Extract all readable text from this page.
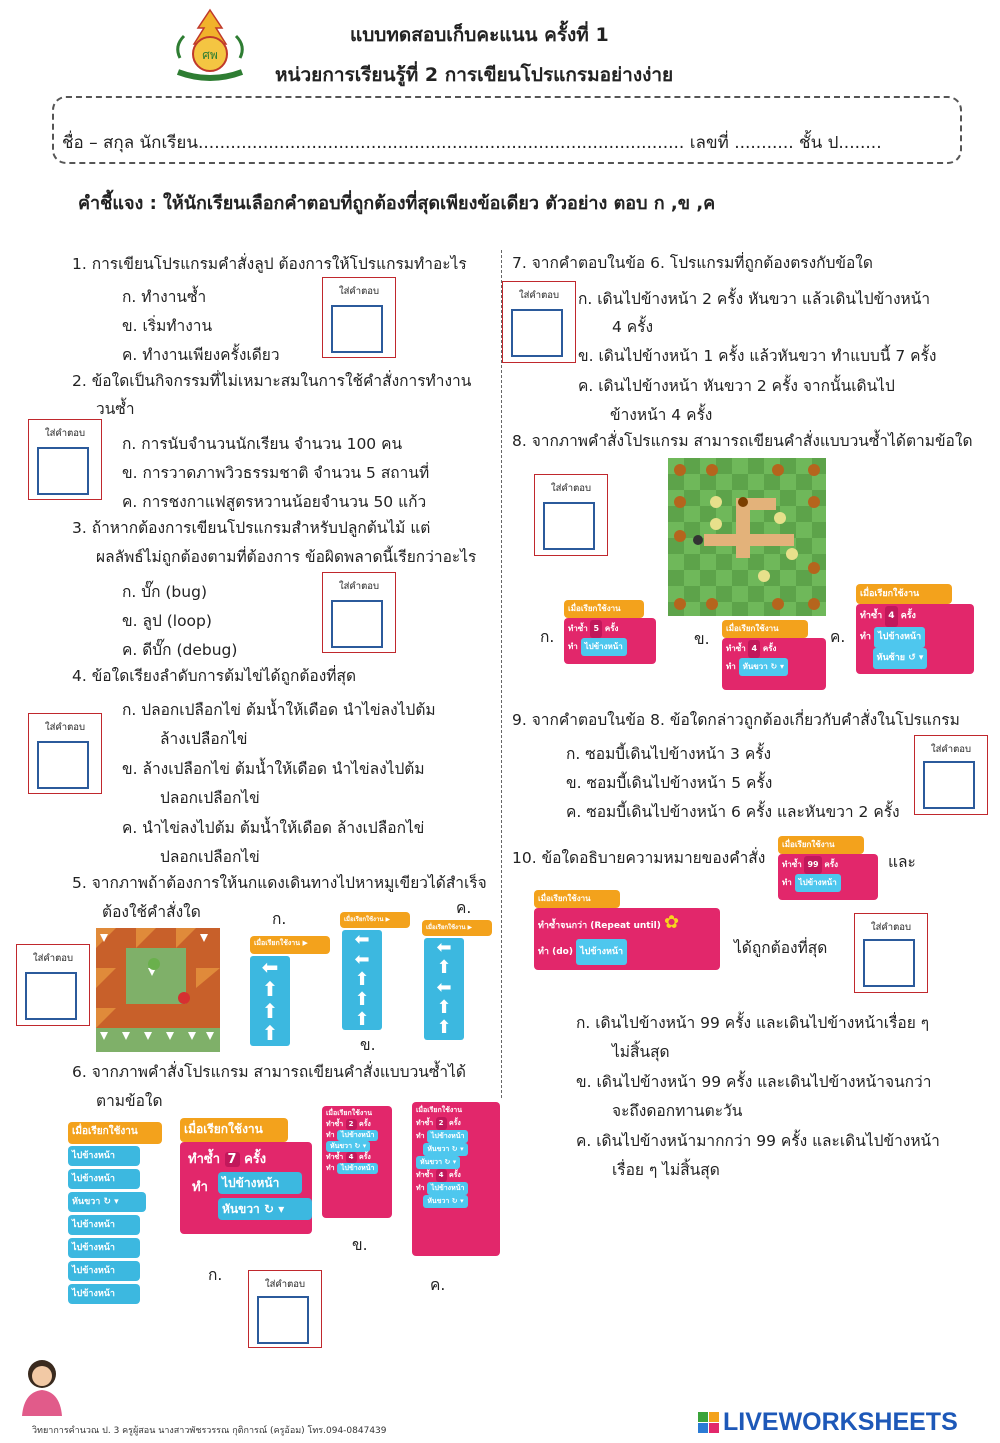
ศพ
แบบทดสอบเก็บคะแนน ครั้งที่ 1
หน่วยการเรียนรู้ที่ 2 การเขียนโปรแกรมอย่างง่าย
ชื่อ – สกุล นักเรียน.......................................................................................... เลขที่ ........... ชั้น ป........
คำชี้แจง : ให้นักเรียนเลือกคำตอบที่ถูกต้องที่สุดเพียงข้อเดียว ตัวอย่าง ตอบ ก ,ข ,ค
1. การเขียนโปรแกรมคำสั่งลูป ต้องการให้โปรแกรมทำอะไร
ก. ทำงานซ้ำ
ข. เริ่มทำงาน
ค. ทำงานเพียงครั้งเดียว
ใส่คำตอบ
2. ข้อใดเป็นกิจกรรมที่ไม่เหมาะสมในการใช้คำสั่งการทำงาน
วนซ้ำ
ก. การนับจำนวนนักเรียน จำนวน 100 คน
ข. การวาดภาพวิวธรรมชาติ จำนวน 5 สถานที่
ค. การชงกาแฟสูตรหวานน้อยจำนวน 50 แก้ว
ใส่คำตอบ
3. ถ้าหากต้องการเขียนโปรแกรมสำหรับปลูกต้นไม้ แต่
ผลลัพธ์ไม่ถูกต้องตามที่ต้องการ ข้อผิดพลาดนี้เรียกว่าอะไร
ก. บั๊ก (bug)
ข. ลูป (loop)
ค. ดีบั๊ก (debug)
ใส่คำตอบ
4. ข้อใดเรียงลำดับการต้มไข่ได้ถูกต้องที่สุด
ก. ปลอกเปลือกไข่ ต้มน้ำให้เดือด นำไข่ลงไปต้ม
ล้างเปลือกไข่
ข. ล้างเปลือกไข่ ต้มน้ำให้เดือด นำไข่ลงไปต้ม
ปลอกเปลือกไข่
ค. นำไข่ลงไปต้ม ต้มน้ำให้เดือด ล้างเปลือกไข่
ปลอกเปลือกไข่
ใส่คำตอบ
5. จากภาพถ้าต้องการให้นกแดงเดินทางไปหาหมูเขียวได้สำเร็จ
ต้องใช้คำสั่งใด
ใส่คำตอบ
ก.
ข.
ค.
เมื่อเรียกใช้งาน ▶
⬅
⬆
⬆
⬆
เมื่อเรียกใช้งาน ▶
⬅
⬅
⬆
⬆
⬆
เมื่อเรียกใช้งาน ▶
⬅
⬆
⬅
⬆
⬆
6. จากภาพคำสั่งโปรแกรม สามารถเขียนคำสั่งแบบวนซ้ำได้
ตามข้อใด
เมื่อเรียกใช้งาน
ไปข้างหน้า
ไปข้างหน้า
หันขวา ↻ ▾
ไปข้างหน้า
ไปข้างหน้า
ไปข้างหน้า
ไปข้างหน้า
เมื่อเรียกใช้งาน
ทำซ้ำ 7 ครั้ง
ทำ	ไปข้างหน้า
หันขวา ↻ ▾
ก.
เมื่อเรียกใช้งาน
ทำซ้ำ 2 ครั้ง
ทำ ไปข้างหน้า
หันขวา ↻ ▾
ทำซ้ำ 4 ครั้ง
ทำ ไปข้างหน้า
ข.
เมื่อเรียกใช้งาน
ทำซ้ำ 2 ครั้ง
ทำ ไปข้างหน้า
หันขวา ↻ ▾
หันขวา ↻ ▾
ทำซ้ำ 4 ครั้ง
ทำ ไปข้างหน้า
หันขวา ↻ ▾
ค.
ใส่คำตอบ
7. จากคำตอบในข้อ 6. โปรแกรมที่ถูกต้องตรงกับข้อใด
ก. เดินไปข้างหน้า 2 ครั้ง หันขวา แล้วเดินไปข้างหน้า
4 ครั้ง
ข. เดินไปข้างหน้า 1 ครั้ง แล้วหันขวา ทำแบบนี้ 7 ครั้ง
ค. เดินไปข้างหน้า หันขวา 2 ครั้ง จากนั้นเดินไป
ข้างหน้า 4 ครั้ง
ใส่คำตอบ
8. จากภาพคำสั่งโปรแกรม สามารถเขียนคำสั่งแบบวนซ้ำได้ตามข้อใด
ใส่คำตอบ
ก.
เมื่อเรียกใช้งาน
ทำซ้ำ 5 ครั้ง
ทำ ไปข้างหน้า	ข.
เมื่อเรียกใช้งาน
ทำซ้ำ 4 ครั้ง
ทำ หันขวา ↻ ▾
ค.
เมื่อเรียกใช้งาน
ทำซ้ำ 4 ครั้ง
ทำ ไปข้างหน้า
หันซ้าย ↺ ▾
9. จากคำตอบในข้อ 8. ข้อใดกล่าวถูกต้องเกี่ยวกับคำสั่งในโปรแกรม
ก. ซอมบี้เดินไปข้างหน้า 3 ครั้ง
ข. ซอมบี้เดินไปข้างหน้า 5 ครั้ง
ค. ซอมบี้เดินไปข้างหน้า 6 ครั้ง และหันขวา 2 ครั้ง
ใส่คำตอบ
10. ข้อใดอธิบายความหมายของคำสั่ง
เมื่อเรียกใช้งาน
ทำซ้ำ 99 ครั้ง
ทำ ไปข้างหน้า
และ
เมื่อเรียกใช้งาน
ทำซ้ำจนกว่า (Repeat until) ✿
ทำ (do) ไปข้างหน้า	ได้ถูกต้องที่สุด
ใส่คำตอบ
ก. เดินไปข้างหน้า 99 ครั้ง และเดินไปข้างหน้าเรื่อย ๆ
ไม่สิ้นสุด
ข. เดินไปข้างหน้า 99 ครั้ง และเดินไปข้างหน้าจนกว่า
จะถึงดอกทานตะวัน
ค. เดินไปข้างหน้ามากกว่า 99 ครั้ง และเดินไปข้างหน้า
เรื่อย ๆ ไม่สิ้นสุด
วิทยาการคำนวณ ป. 3 ครูผู้สอน นางสาวพัชรวรรณ กุติการณ์ (ครูอ้อม) โทร.094-0847439	LIVEWORKSHEETS
